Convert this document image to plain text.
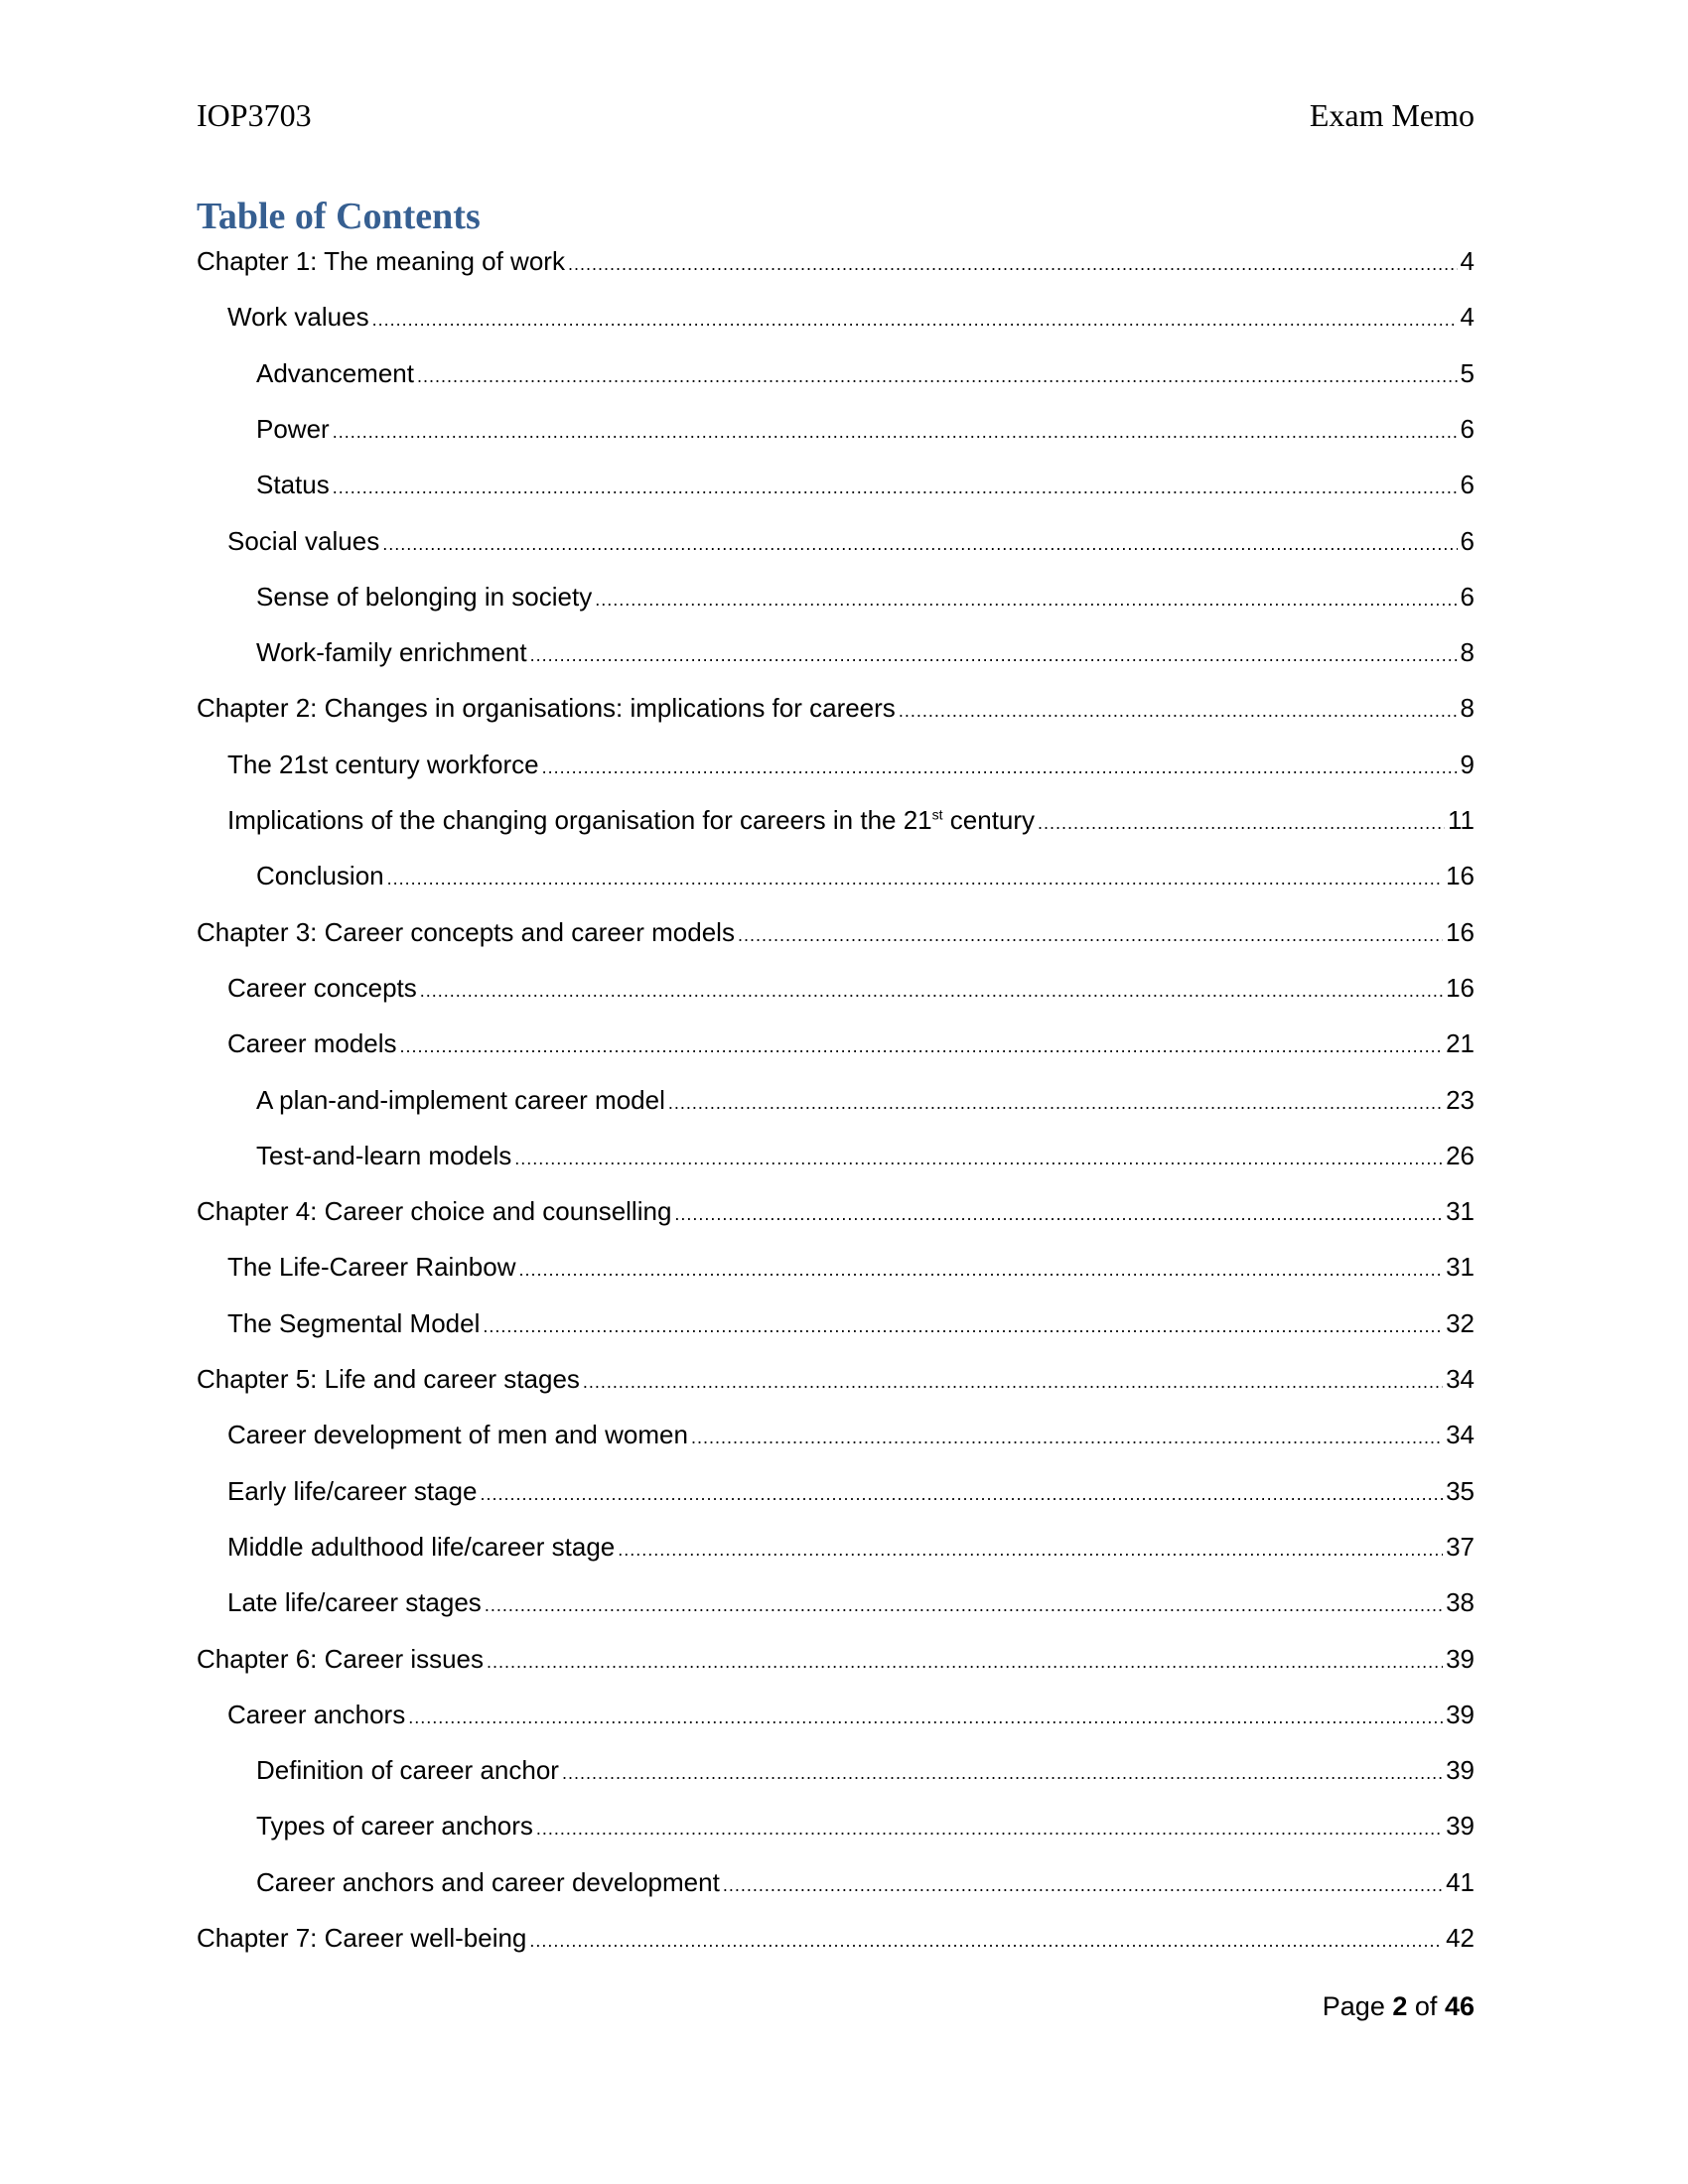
IOP3703	Exam Memo
Table of Contents
Chapter 1: The meaning of work .....	4
Work values .....	4
Advancement .....	5
Power .....	6
Status .....	6
Social values .....	6
Sense of belonging in society .....	6
Work-family enrichment .....	8
Chapter 2: Changes in organisations: implications for careers .....	8
The 21st century workforce .....	9
Implications of the changing organisation for careers in the 21st century .....	11
Conclusion .....	16
Chapter 3: Career concepts and career models .....	16
Career concepts .....	16
Career models .....	21
A plan-and-implement career model .....	23
Test-and-learn models .....	26
Chapter 4: Career choice and counselling .....	31
The Life-Career Rainbow .....	31
The Segmental Model .....	32
Chapter 5: Life and career stages .....	34
Career development of men and women .....	34
Early life/career stage .....	35
Middle adulthood life/career stage .....	37
Late life/career stages .....	38
Chapter 6: Career issues .....	39
Career anchors .....	39
Definition of career anchor .....	39
Types of career anchors .....	39
Career anchors and career development .....	41
Chapter 7: Career well-being .....	42
Page 2 of 46
